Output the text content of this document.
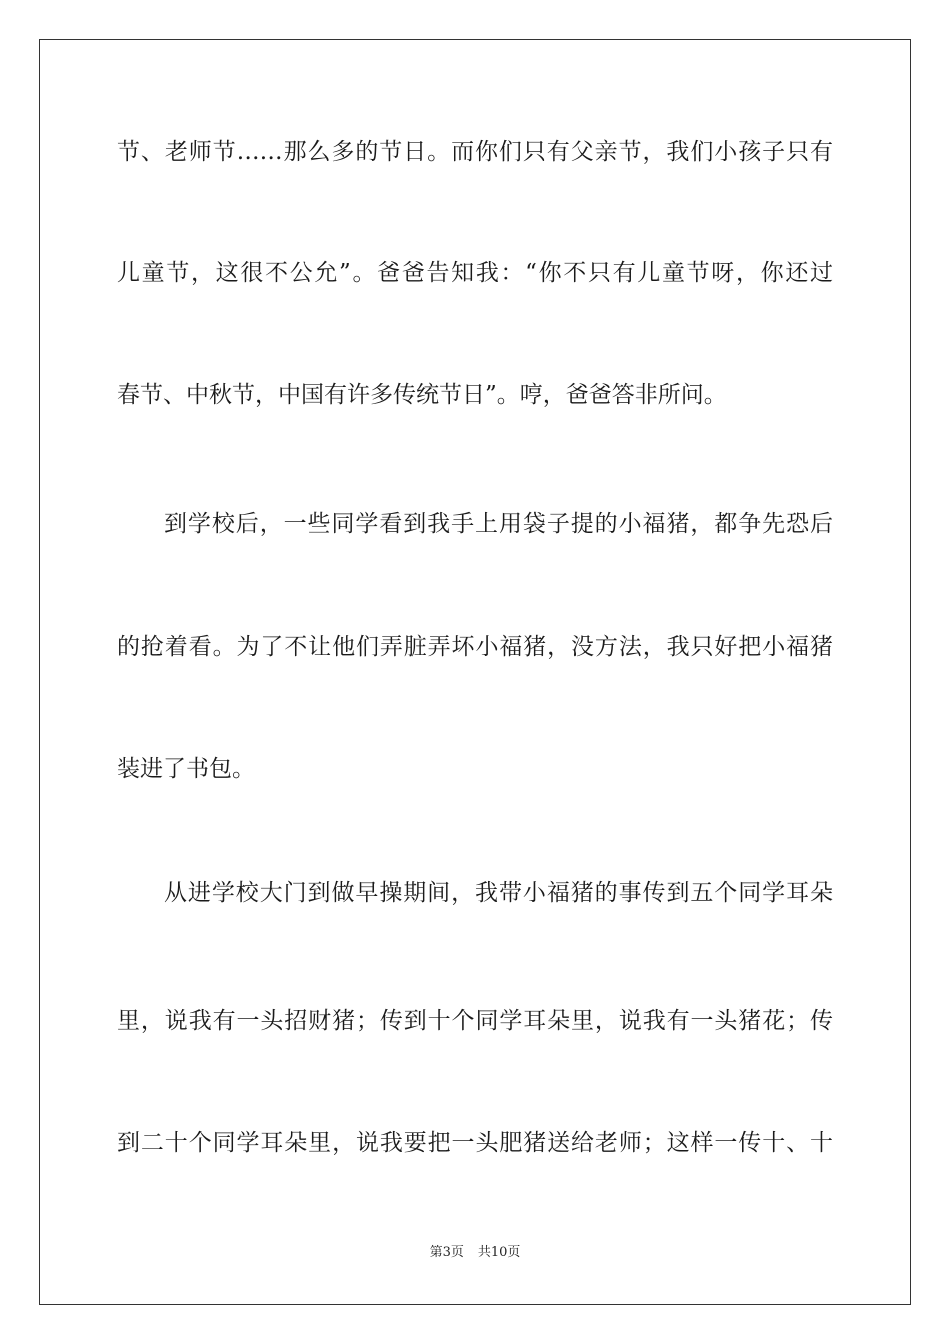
节、老师节……那么多的节日。而你们只有父亲节，我们小孩子只有
儿童节，这很不公允”。爸爸告知我：“你不只有儿童节呀，你还过
春节、中秋节，中国有许多传统节日”。哼，爸爸答非所问。
到学校后，一些同学看到我手上用袋子提的小福猪，都争先恐后
的抢着看。为了不让他们弄脏弄坏小福猪，没方法，我只好把小福猪
装进了书包。
从进学校大门到做早操期间，我带小福猪的事传到五个同学耳朵
里，说我有一头招财猪；传到十个同学耳朵里，说我有一头猪花；传
到二十个同学耳朵里，说我要把一头肥猪送给老师；这样一传十、十
第3页 共10页
